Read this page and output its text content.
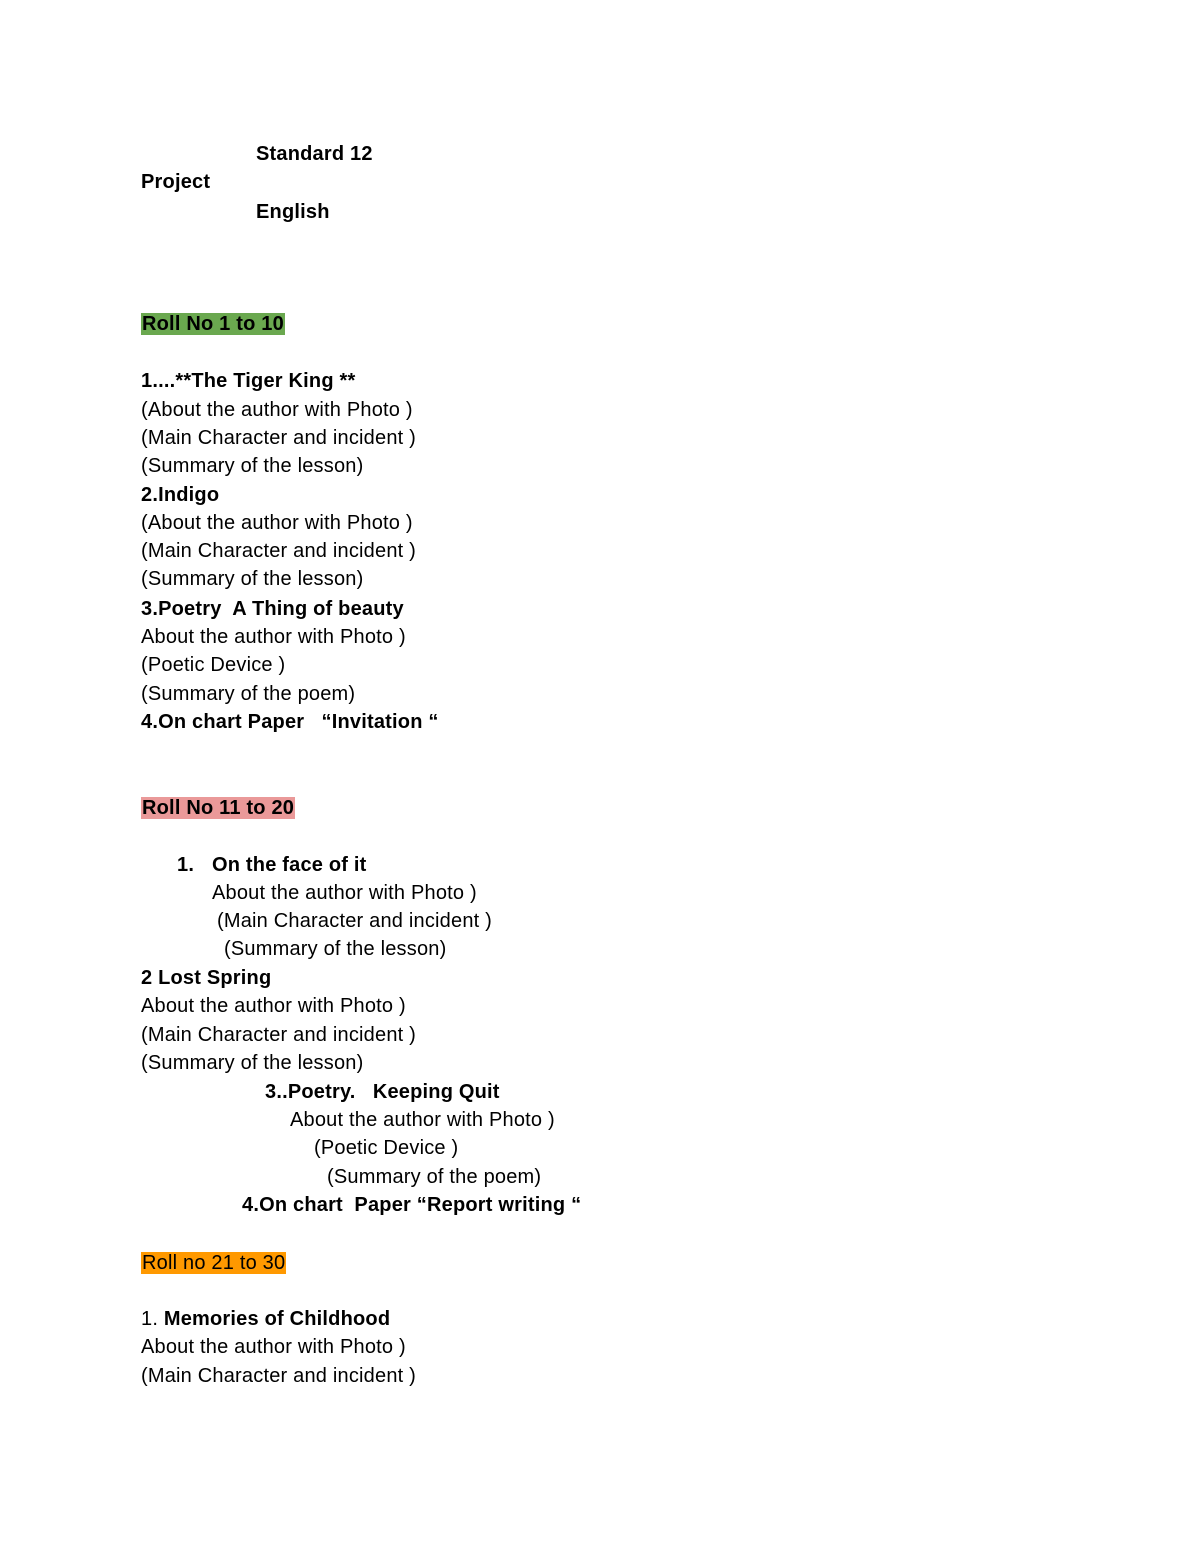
Standard 12
Project
English
Roll No 1 to 10
1....**The Tiger King **
(About the author with Photo )
(Main Character and incident )
(Summary of the lesson)
2.Indigo
(About the author with Photo )
(Main Character and incident )
(Summary of the lesson)
3.Poetry  A Thing of beauty
About the author with Photo )
(Poetic Device )
(Summary of the poem)
4.On chart Paper   “Invitation “
Roll No 11 to 20
1. On the face of it
About the author with Photo )
(Main Character and incident )
(Summary of the lesson)
2 Lost Spring
About the author with Photo )
(Main Character and incident )
(Summary of the lesson)
3..Poetry.   Keeping Quit
About the author with Photo )
(Poetic Device )
(Summary of the poem)
4.On chart  Paper “Report writing “
Roll no 21 to 30
1. Memories of Childhood
About the author with Photo )
(Main Character and incident )
